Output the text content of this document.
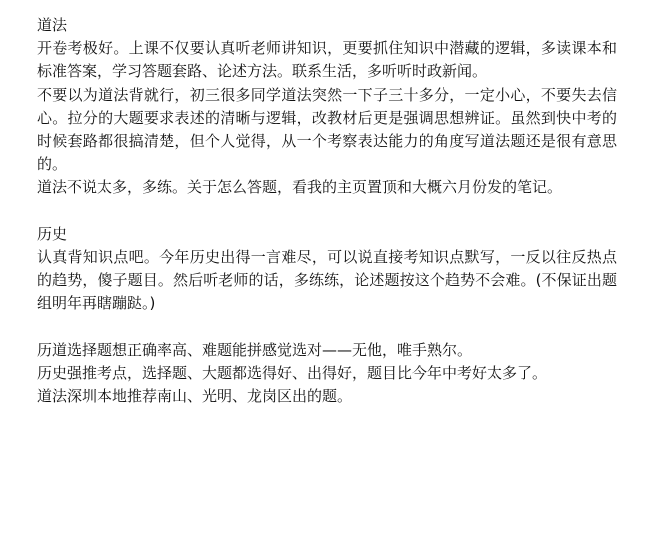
道法

开卷考极好。上课不仅要认真听老师讲知识，更要抓住知识中潜藏的逻辑，多读课本和标准答案，学习答题套路、论述方法。联系生活，多听听时政新闻。

不要以为道法背就行，初三很多同学道法突然一下子三十多分，一定小心，不要失去信心。拉分的大题要求表述的清晰与逻辑，改教材后更是强调思想辨证。虽然到快中考的时候套路都很搞清楚，但个人觉得，从一个考察表达能力的角度写道法题还是很有意思的。

道法不说太多，多练。关于怎么答题，看我的主页置顶和大概六月份发的笔记。

历史

认真背知识点吧。今年历史出得一言难尽，可以说直接考知识点默写，一反以往反热点的趋势，傻子题目。然后听老师的话，多练练，论述题按这个趋势不会难。(不保证出题组明年再瞎蹦跶。)

历道选择题想正确率高、难题能拼感觉选对——无他，唯手熟尔。

历史强推考点，选择题、大题都选得好、出得好，题目比今年中考好太多了。

道法深圳本地推荐南山、光明、龙岗区出的题。
